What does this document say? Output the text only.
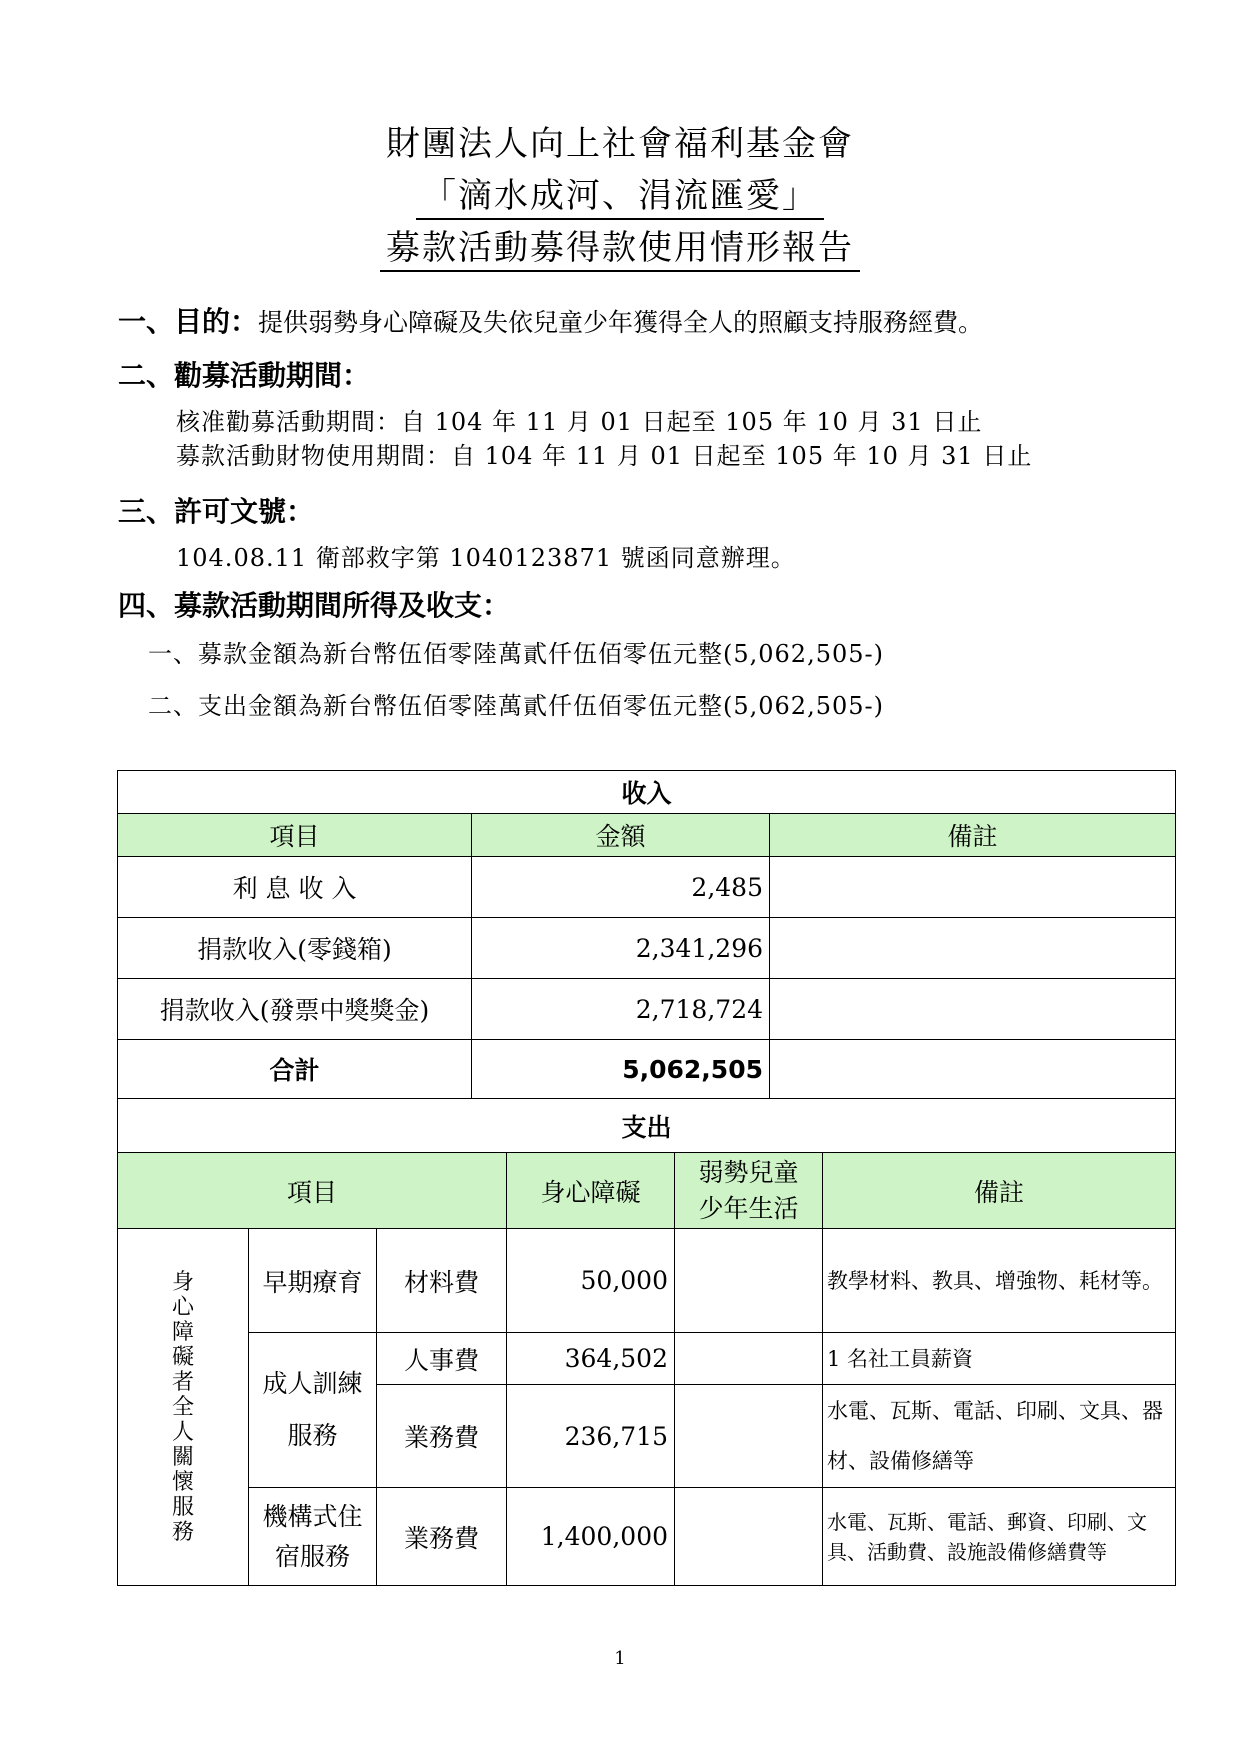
財團法人向上社會福利基金會
「滴水成河、涓流匯愛」
募款活動募得款使用情形報告
一、目的：提供弱勢身心障礙及失依兒童少年獲得全人的照顧支持服務經費。
二、勸募活動期間：
核准勸募活動期間：自 104 年 11 月 01 日起至 105 年 10 月 31 日止
募款活動財物使用期間：自 104 年 11 月 01 日起至 105 年 10 月 31 日止
三、許可文號：
104.08.11 衛部救字第 1040123871 號函同意辦理。
四、募款活動期間所得及收支：
一、募款金額為新台幣伍佰零陸萬貳仟伍佰零伍元整(5,062,505-)
二、支出金額為新台幣伍佰零陸萬貳仟伍佰零伍元整(5,062,505-)
收入		
項目	金額	備註
利 息 收 入	2,485	
捐款收入(零錢箱)	2,341,296	
捐款收入(發票中獎獎金)	2,718,724	
合計	5,062,505	
支出					
項目			身心障礙	弱勢兒童少年生活	備註
身心障礙者全人關懷服務	早期療育	材料費	50,000		教學材料、教具、增強物、耗材等。
	成人訓練服務	人事費	364,502		1 名社工員薪資
		業務費	236,715		水電、瓦斯、電話、印刷、文具、器材、設備修繕等
	機構式住宿服務	業務費	1,400,000		水電、瓦斯、電話、郵資、印刷、文具、活動費、設施設備修繕費等
1
